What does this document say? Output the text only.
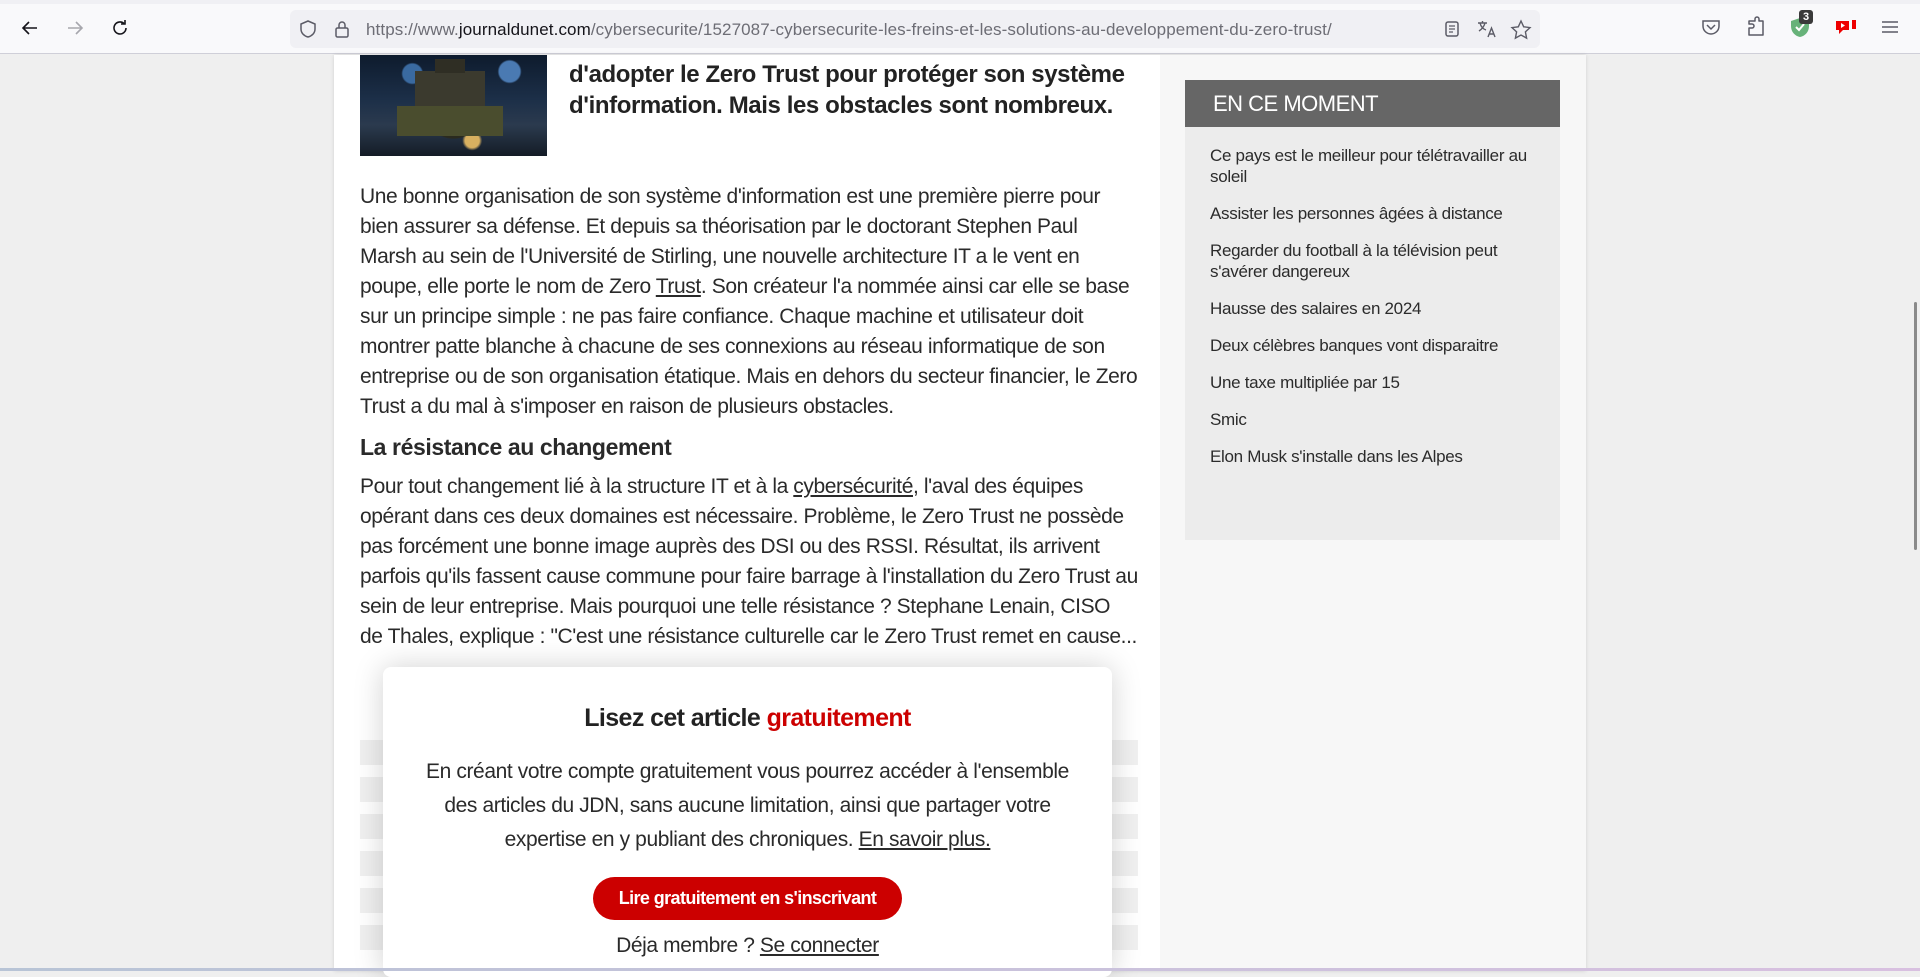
https://www.journaldunet.com/cybersecurite/1527087-cybersecurite-les-freins-et-les-solutions-au-developpement-du-zero-trust/
3
d'adopter le Zero Trust pour protéger son système
d'information. Mais les obstacles sont nombreux.

Une bonne organisation de son système d'information est une première pierre pour bien assurer sa défense. Et depuis sa théorisation par le doctorant Stephen Paul Marsh au sein de l'Université de Stirling, une nouvelle architecture IT a le vent en poupe, elle porte le nom de Zero Trust. Son créateur l'a nommée ainsi car elle se base sur un principe simple : ne pas faire confiance. Chaque machine et utilisateur doit montrer patte blanche à chacune de ses connexions au réseau informatique de son entreprise ou de son organisation étatique. Mais en dehors du secteur financier, le Zero Trust a du mal à s'imposer en raison de plusieurs obstacles.

La résistance au changement

Pour tout changement lié à la structure IT et à la cybersécurité, l'aval des équipes opérant dans ces deux domaines est nécessaire. Problème, le Zero Trust ne possède pas forcément une bonne image auprès des DSI ou des RSSI. Résultat, ils arrivent parfois qu'ils fassent cause commune pour faire barrage à l'installation du Zero Trust au sein de leur entreprise. Mais pourquoi une telle résistance ? Stephane Lenain, CISO de Thales, explique : "C'est une résistance culturelle car le Zero Trust remet en cause...

EN CE MOMENT
Ce pays est le meilleur pour télétravailler au soleil
Assister les personnes âgées à distance
Regarder du football à la télévision peut s'avérer dangereux
Hausse des salaires en 2024
Deux célèbres banques vont disparaitre
Une taxe multipliée par 15
Smic
Elon Musk s'installe dans les Alpes
Lisez cet article gratuitement
En créant votre compte gratuitement vous pourrez accéder à l'ensemble des articles du JDN, sans aucune limitation, ainsi que partager votre expertise en y publiant des chroniques. En savoir plus.
Lire gratuitement en s'inscrivant
Déja membre ? Se connecter
